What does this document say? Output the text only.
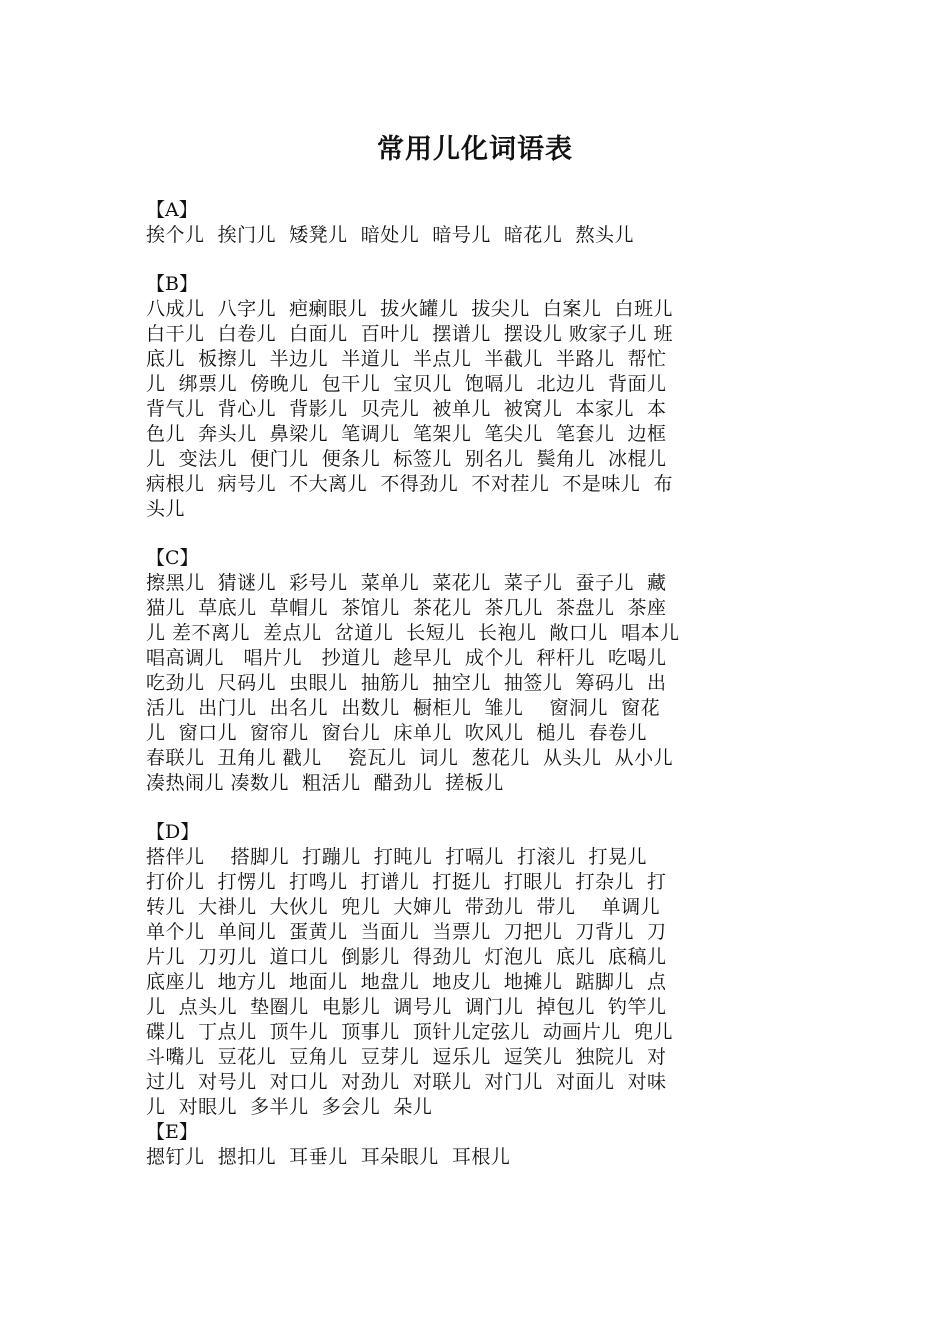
常用儿化词语表
【A】
挨个儿  挨门儿  矮凳儿  暗处儿  暗号儿  暗花儿  熬头儿
【B】
八成儿  八字儿  疤瘌眼儿  拔火罐儿  拔尖儿  白案儿  白班儿
白干儿  白卷儿  白面儿  百叶儿  摆谱儿  摆设儿 败家子儿 班
底儿  板擦儿  半边儿  半道儿  半点儿  半截儿  半路儿  帮忙
儿  绑票儿  傍晚儿  包干儿  宝贝儿  饱嗝儿  北边儿  背面儿
背气儿  背心儿  背影儿  贝壳儿  被单儿  被窝儿  本家儿  本
色儿  奔头儿  鼻梁儿  笔调儿  笔架儿  笔尖儿  笔套儿  边框
儿  变法儿  便门儿  便条儿  标签儿  别名儿  鬓角儿  冰棍儿
病根儿  病号儿  不大离儿  不得劲儿  不对茬儿  不是味儿  布
头儿
【C】
擦黑儿  猜谜儿  彩号儿  菜单儿  菜花儿  菜子儿  蚕子儿  藏
猫儿  草底儿  草帽儿  茶馆儿  茶花儿  茶几儿  茶盘儿  茶座
儿 差不离儿  差点儿  岔道儿  长短儿  长袍儿  敞口儿  唱本儿
唱高调儿   唱片儿   抄道儿  趁早儿  成个儿  秤杆儿  吃喝儿
吃劲儿  尺码儿  虫眼儿  抽筋儿  抽空儿  抽签儿  筹码儿  出
活儿  出门儿  出名儿  出数儿  橱柜儿  雏儿    窗洞儿  窗花
儿  窗口儿  窗帘儿  窗台儿  床单儿  吹风儿  槌儿  春卷儿
春联儿  丑角儿 戳儿    瓷瓦儿  词儿  葱花儿  从头儿  从小儿
凑热闹儿 凑数儿  粗活儿  醋劲儿  搓板儿
【D】
搭伴儿    搭脚儿  打蹦儿  打盹儿  打嗝儿  打滚儿  打晃儿
打价儿  打愣儿  打鸣儿  打谱儿  打挺儿  打眼儿  打杂儿  打
转儿  大褂儿  大伙儿  兜儿  大婶儿  带劲儿  带儿    单调儿
单个儿  单间儿  蛋黄儿  当面儿  当票儿  刀把儿  刀背儿  刀
片儿  刀刃儿  道口儿  倒影儿  得劲儿  灯泡儿  底儿  底稿儿
底座儿  地方儿  地面儿  地盘儿  地皮儿  地摊儿  踮脚儿  点
儿  点头儿  垫圈儿  电影儿  调号儿  调门儿  掉包儿  钓竿儿
碟儿  丁点儿  顶牛儿  顶事儿  顶针儿定弦儿  动画片儿  兜儿
斗嘴儿  豆花儿  豆角儿  豆芽儿  逗乐儿  逗笑儿  独院儿  对
过儿  对号儿  对口儿  对劲儿  对联儿  对门儿  对面儿  对味
儿  对眼儿  多半儿  多会儿  朵儿
【E】
摁钉儿  摁扣儿  耳垂儿  耳朵眼儿  耳根儿
